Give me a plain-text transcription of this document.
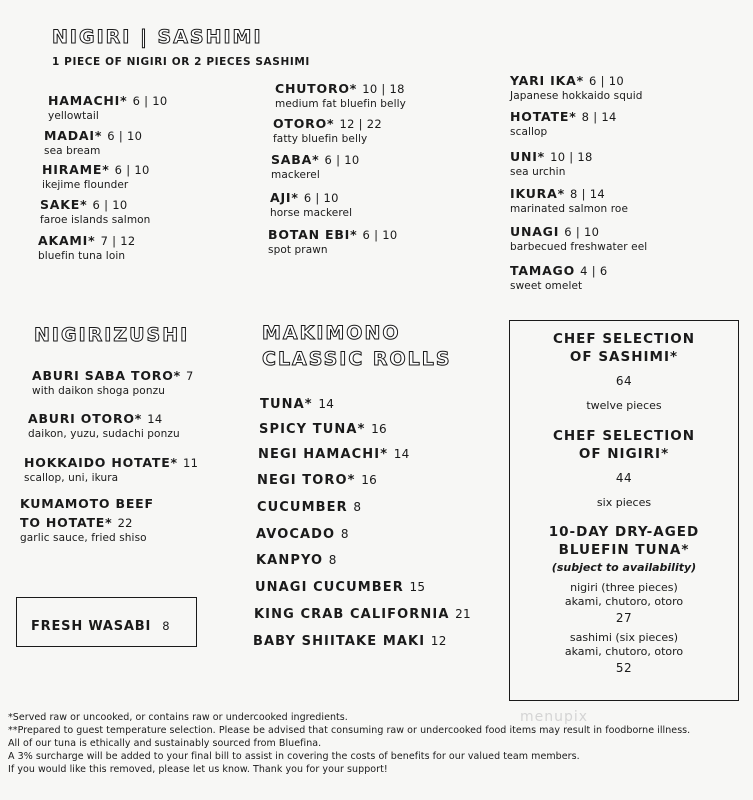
NIGIRI | SASHIMI
1 PIECE OF NIGIRI OR 2 PIECES SASHIMI
HAMACHI* 6 | 10
yellowtail
MADAI* 6 | 10
sea bream
HIRAME* 6 | 10
ikejime flounder
SAKE* 6 | 10
faroe islands salmon
AKAMI* 7 | 12
bluefin tuna loin
CHUTORO* 10 | 18
medium fat bluefin belly
OTORO* 12 | 22
fatty bluefin belly
SABA* 6 | 10
mackerel
AJI* 6 | 10
horse mackerel
BOTAN EBI* 6 | 10
spot prawn
YARI IKA* 6 | 10
Japanese hokkaido squid
HOTATE* 8 | 14
scallop
UNI* 10 | 18
sea urchin
IKURA* 8 | 14
marinated salmon roe
UNAGI 6 | 10
barbecued freshwater eel
TAMAGO 4 | 6
sweet omelet
NIGIRIZUSHI
ABURI SABA TORO* 7
with daikon shoga ponzu
ABURI OTORO* 14
daikon, yuzu, sudachi ponzu
HOKKAIDO HOTATE* 11
scallop, uni, ikura
KUMAMOTO BEEF
TO HOTATE* 22
garlic sauce, fried shiso
FRESH WASABI 8
MAKIMONO
CLASSIC ROLLS
TUNA* 14
SPICY TUNA* 16
NEGI HAMACHI* 14
NEGI TORO* 16
CUCUMBER 8
AVOCADO 8
KANPYO 8
UNAGI CUCUMBER 15
KING CRAB CALIFORNIA 21
BABY SHIITAKE MAKI 12
CHEF SELECTION
OF SASHIMI*
64
twelve pieces
CHEF SELECTION
OF NIGIRI*
44
six pieces
10-DAY DRY-AGED
BLUEFIN TUNA*
(subject to availability)
nigiri (three pieces)
akami, chutoro, otoro
27
sashimi (six pieces)
akami, chutoro, otoro
52
menupix
*Served raw or uncooked, or contains raw or undercooked ingredients.
**Prepared to guest temperature selection. Please be advised that consuming raw or undercooked food items may result in foodborne illness.
All of our tuna is ethically and sustainably sourced from Bluefina.
A 3% surcharge will be added to your final bill to assist in covering the costs of benefits for our valued team members.
If you would like this removed, please let us know. Thank you for your support!
